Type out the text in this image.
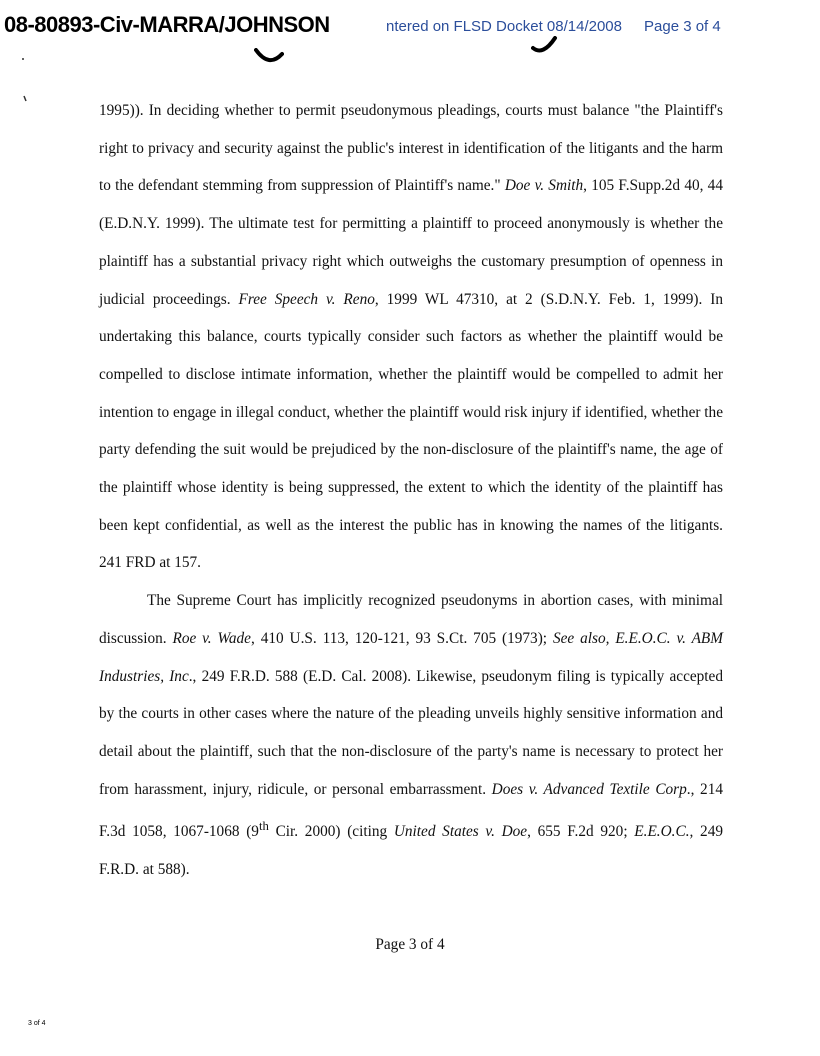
08-80893-Civ-MARRA/JOHNSON	ntered on FLSD Docket 08/14/2008 Page 3 of 4

1995)). In deciding whether to permit pseudonymous pleadings, courts must balance "the Plaintiff's right to privacy and security against the public's interest in identification of the litigants and the harm to the defendant stemming from suppression of Plaintiff's name." Doe v. Smith, 105 F.Supp.2d 40, 44 (E.D.N.Y. 1999). The ultimate test for permitting a plaintiff to proceed anonymously is whether the plaintiff has a substantial privacy right which outweighs the customary presumption of openness in judicial proceedings. Free Speech v. Reno, 1999 WL 47310, at 2 (S.D.N.Y. Feb. 1, 1999). In undertaking this balance, courts typically consider such factors as whether the plaintiff would be compelled to disclose intimate information, whether the plaintiff would be compelled to admit her intention to engage in illegal conduct, whether the plaintiff would risk injury if identified, whether the party defending the suit would be prejudiced by the non-disclosure of the plaintiff's name, the age of the plaintiff whose identity is being suppressed, the extent to which the identity of the plaintiff has been kept confidential, as well as the interest the public has in knowing the names of the litigants. 241 FRD at 157.

The Supreme Court has implicitly recognized pseudonyms in abortion cases, with minimal discussion. Roe v. Wade, 410 U.S. 113, 120-121, 93 S.Ct. 705 (1973); See also, E.E.O.C. v. ABM Industries, Inc., 249 F.R.D. 588 (E.D. Cal. 2008). Likewise, pseudonym filing is typically accepted by the courts in other cases where the nature of the pleading unveils highly sensitive information and detail about the plaintiff, such that the non-disclosure of the party's name is necessary to protect her from harassment, injury, ridicule, or personal embarrassment. Does v. Advanced Textile Corp., 214 F.3d 1058, 1067-1068 (9th Cir. 2000) (citing United States v. Doe, 655 F.2d 920; E.E.O.C., 249 F.R.D. at 588).

Page 3 of 4
3 of 4
